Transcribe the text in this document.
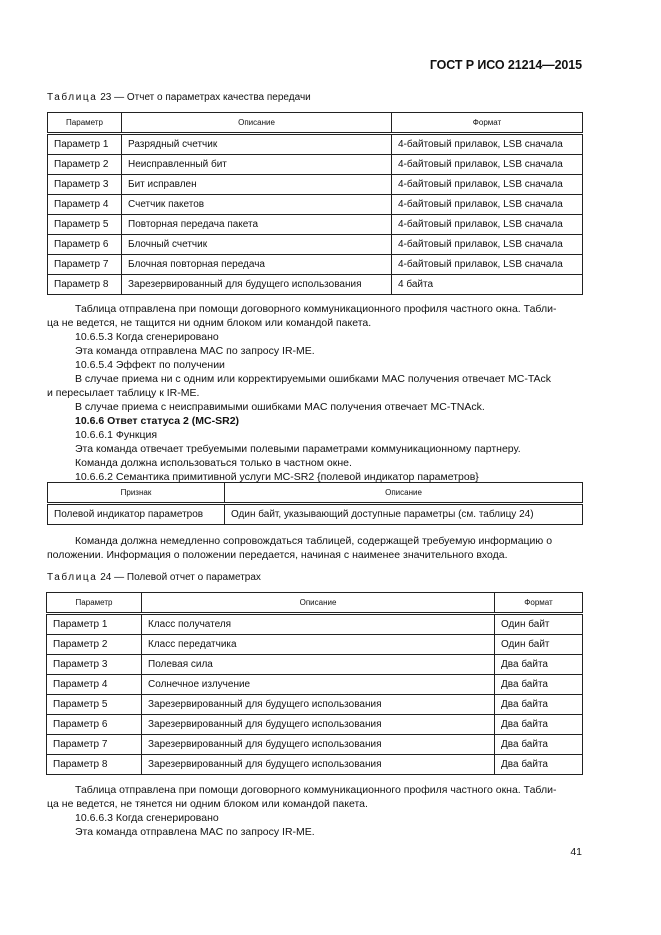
ГОСТ Р ИСО 21214—2015
Таблица 23 — Отчет о параметрах качества передачи
Параметр	Описание	Формат
Параметр 1	Разрядный счетчик	4-байтовый прилавок, LSB сначала
Параметр 2	Неисправленный бит	4-байтовый прилавок, LSB сначала
Параметр 3	Бит исправлен	4-байтовый прилавок, LSB сначала
Параметр 4	Счетчик пакетов	4-байтовый прилавок, LSB сначала
Параметр 5	Повторная передача пакета	4-байтовый прилавок, LSB сначала
Параметр 6	Блочный счетчик	4-байтовый прилавок, LSB сначала
Параметр 7	Блочная повторная передача	4-байтовый прилавок, LSB сначала
Параметр 8	Зарезервированный для будущего использования	4 байта
Таблица отправлена при помощи договорного коммуникационного профиля частного окна. Табли-
ца не ведется, не тащится ни одним блоком или командой пакета.
10.6.5.3 Когда сгенерировано
Эта команда отправлена MAC по запросу IR-ME.
10.6.5.4 Эффект по получении
В случае приема ни с одним или корректируемыми ошибками MAC получения отвечает MC-TAck
и пересылает таблицу к IR-ME.
В случае приема с неисправимыми ошибками MAC получения отвечает MC-TNAck.
10.6.6 Ответ статуса 2 (MC-SR2)
10.6.6.1 Функция
Эта команда отвечает требуемыми полевыми параметрами коммуникационному партнеру.
Команда должна использоваться только в частном окне.
10.6.6.2 Семантика примитивной услуги MC-SR2 {полевой индикатор параметров}
Признак	Описание
Полевой индикатор параметров	Один байт, указывающий доступные параметры (см. таблицу 24)
Команда должна немедленно сопровождаться таблицей, содержащей требуемую информацию о
положении. Информация о положении передается, начиная с наименее значительного входа.
Таблица 24 — Полевой отчет о параметрах
Параметр	Описание	Формат
Параметр 1	Класс получателя	Один байт
Параметр 2	Класс передатчика	Один байт
Параметр 3	Полевая сила	Два байта
Параметр 4	Солнечное излучение	Два байта
Параметр 5	Зарезервированный для будущего использования	Два байта
Параметр 6	Зарезервированный для будущего использования	Два байта
Параметр 7	Зарезервированный для будущего использования	Два байта
Параметр 8	Зарезервированный для будущего использования	Два байта
Таблица отправлена при помощи договорного коммуникационного профиля частного окна. Табли-
ца не ведется, не тянется ни одним блоком или командой пакета.
10.6.6.3 Когда сгенерировано
Эта команда отправлена MAC по запросу IR-ME.
41
